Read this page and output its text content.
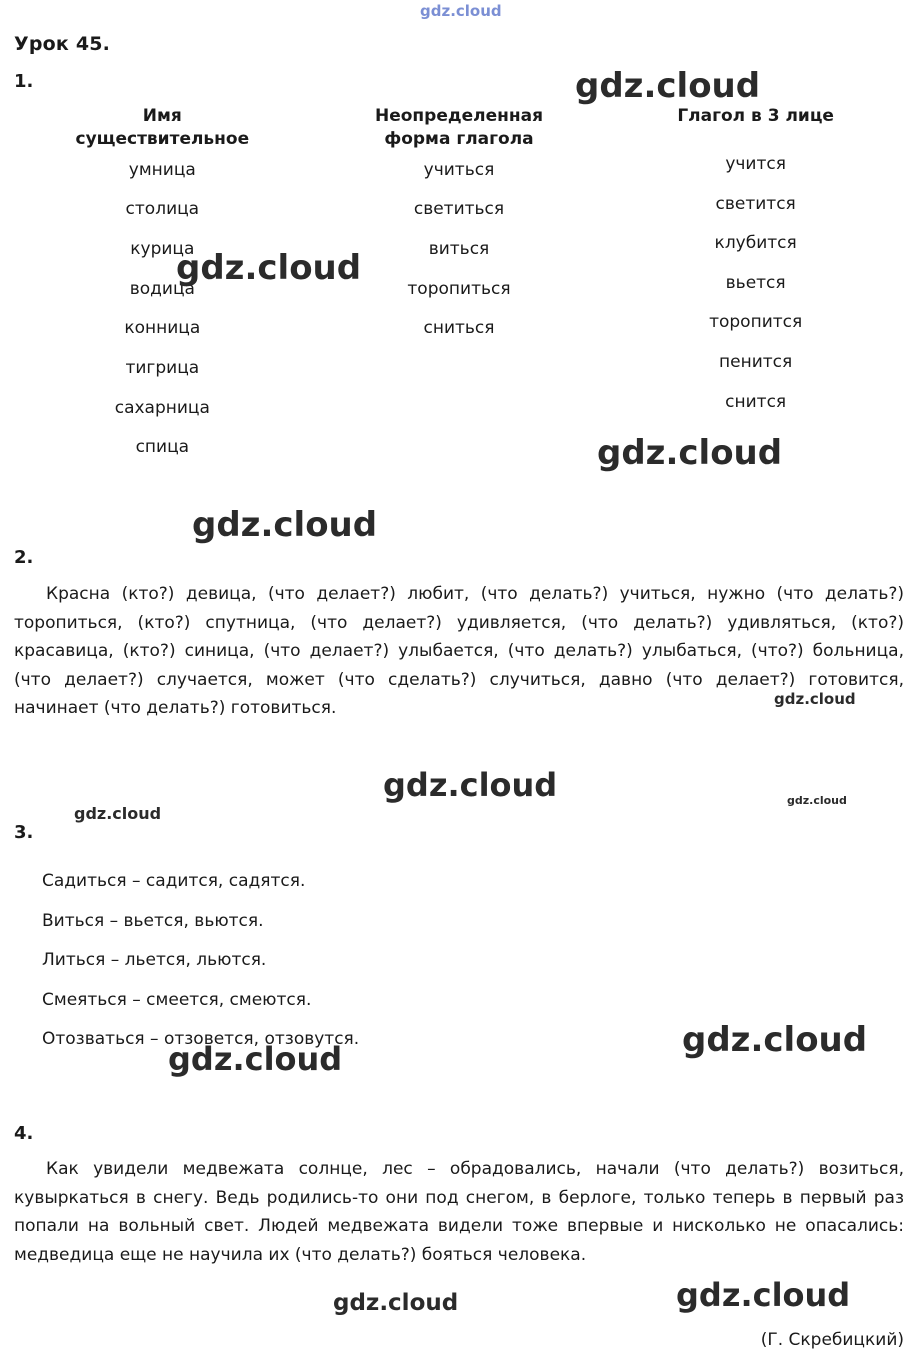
Урок 45.
1.
Имя
существительное
умница
столица
курица
водица
конница
тигрица
сахарница
спица
Неопределенная
форма глагола
учиться
светиться
виться
торопиться
сниться
Глагол в 3 лице
учится
светится
клубится
вьется
торопится
пенится
снится
2.
Красна (кто?) девица, (что делает?) любит, (что делать?) учиться, нужно (что делать?) торопиться, (кто?) спутница, (что делает?) удивляется, (что делать?) удивляться, (кто?) красавица, (кто?) синица, (что делает?) улыбается, (что делать?) улыбаться, (что?) больница, (что делает?) случается, может (что сделать?) случиться, давно (что делает?) готовится, начинает (что делать?) готовиться.
3.
Садиться – садится, садятся.
Виться – вьется, вьются.
Литься – льется, льются.
Смеяться – смеется, смеются.
Отозваться – отзовется, отзовутся.
4.
Как увидели медвежата солнце, лес – обрадовались, начали (что делать?) возиться, кувыркаться в снегу. Ведь родились-то они под снегом, в берлоге, только теперь в первый раз попали на вольный свет. Людей медвежата видели тоже впервые и нисколько не опасались: медведица еще не научила их (что делать?) бояться человека.
(Г. Скребицкий)
gdz.cloud
gdz.cloud
gdz.cloud
gdz.cloud
gdz.cloud
gdz.cloud
gdz.cloud	gdz.cloud
gdz.cloud
gdz.cloud
gdz.cloud
gdz.cloud	gdz.cloud
